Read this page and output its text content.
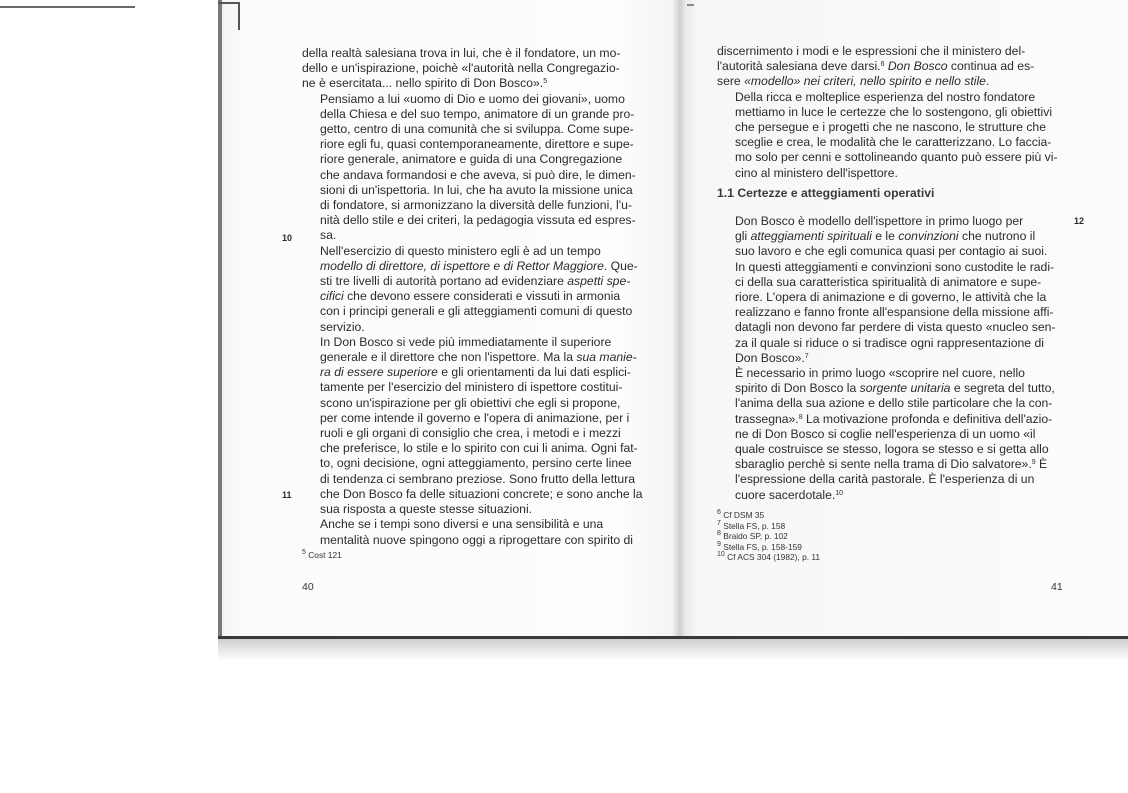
della realtà salesiana trova in lui, che è il fondatore, un mo-
dello e un'ispirazione, poichè «l'autorità nella Congregazio-
ne è esercitata... nello spirito di Don Bosco».$^5$

Pensiamo a lui «uomo di Dio e uomo dei giovani», uomo
della Chiesa e del suo tempo, animatore di un grande pro-
getto, centro di una comunità che si sviluppa. Come supe-
riore egli fu, quasi contemporaneamente, direttore e supe-
riore generale, animatore e guida di una Congregazione
che andava formandosi e che aveva, si può dire, le dimen-
sioni di un'ispettoria. In lui, che ha avuto la missione unica
di fondatore, si armonizzano la diversità delle funzioni, l'u-
nità dello stile e dei criteri, la pedagogia vissuta ed espres-
sa.

Nell'esercizio di questo ministero egli è ad un tempo
modello di direttore, di ispettore e di Rettor Maggiore. Que-
sti tre livelli di autorità portano ad evidenziare aspetti spe-
cifici che devono essere considerati e vissuti in armonia
con i principi generali e gli atteggiamenti comuni di questo
servizio.

In Don Bosco si vede più immediatamente il superiore
generale e il direttore che non l'ispettore. Ma la sua manie-
ra di essere superiore e gli orientamenti da lui dati esplici-
tamente per l'esercizio del ministero di ispettore costitui-
scono un'ispirazione per gli obiettivi che egli si propone,
per come intende il governo e l'opera di animazione, per i
ruoli e gli organi di consiglio che crea, i metodi e i mezzi
che preferisce, lo stile e lo spirito con cui li anima. Ogni fat-
to, ogni decisione, ogni atteggiamento, persino certe linee
di tendenza ci sembrano preziose. Sono frutto della lettura
che Don Bosco fa delle situazioni concrete; e sono anche la
sua risposta a queste stesse situazioni.

Anche se i tempi sono diversi e una sensibilità e una
mentalità nuove spingono oggi a riprogettare con spirito di

10
11
$^5$ Cost 121
40

discernimento i modi e le espressioni che il ministero del-
l'autorità salesiana deve darsi.$^6$ Don Bosco continua ad es-
sere «modello» nei criteri, nello spirito e nello stile.

Della ricca e molteplice esperienza del nostro fondatore
mettiamo in luce le certezze che lo sostengono, gli obiettivi
che persegue e i progetti che ne nascono, le strutture che
sceglie e crea, le modalità che le caratterizzano. Lo faccia-
mo solo per cenni e sottolineando quanto può essere più vi-
cino al ministero dell'ispettore.

1.1 Certezze e atteggiamenti operativi

Don Bosco è modello dell'ispettore in primo luogo per
gli atteggiamenti spirituali e le convinzioni che nutrono il
suo lavoro e che egli comunica quasi per contagio ai suoi.
In questi atteggiamenti e convinzioni sono custodite le radi-
ci della sua caratteristica spiritualità di animatore e supe-
riore. L'opera di animazione e di governo, le attività che la
realizzano e fanno fronte all'espansione della missione affi-
datagli non devono far perdere di vista questo «nucleo sen-
za il quale si riduce o si tradisce ogni rappresentazione di
Don Bosco».$^7$

È necessario in primo luogo «scoprire nel cuore, nello
spirito di Don Bosco la sorgente unitaria e segreta del tutto,
l'anima della sua azione e dello stile particolare che la con-
trassegna».$^8$ La motivazione profonda e definitiva dell'azio-
ne di Don Bosco si coglie nell'esperienza di un uomo «il
quale costruisce se stesso, logora se stesso e si getta allo
sbaraglio perchè si sente nella trama di Dio salvatore».$^9$ È
l'espressione della carità pastorale. È l'esperienza di un
cuore sacerdotale.$^{10}$

12
$^6$ Cf DSM 35
$^7$ Stella FS, p. 158
$^8$ Braido SP, p. 102
$^9$ Stella FS, p. 158-159
$^{10}$ Cf ACS 304 (1982), p. 11
41
